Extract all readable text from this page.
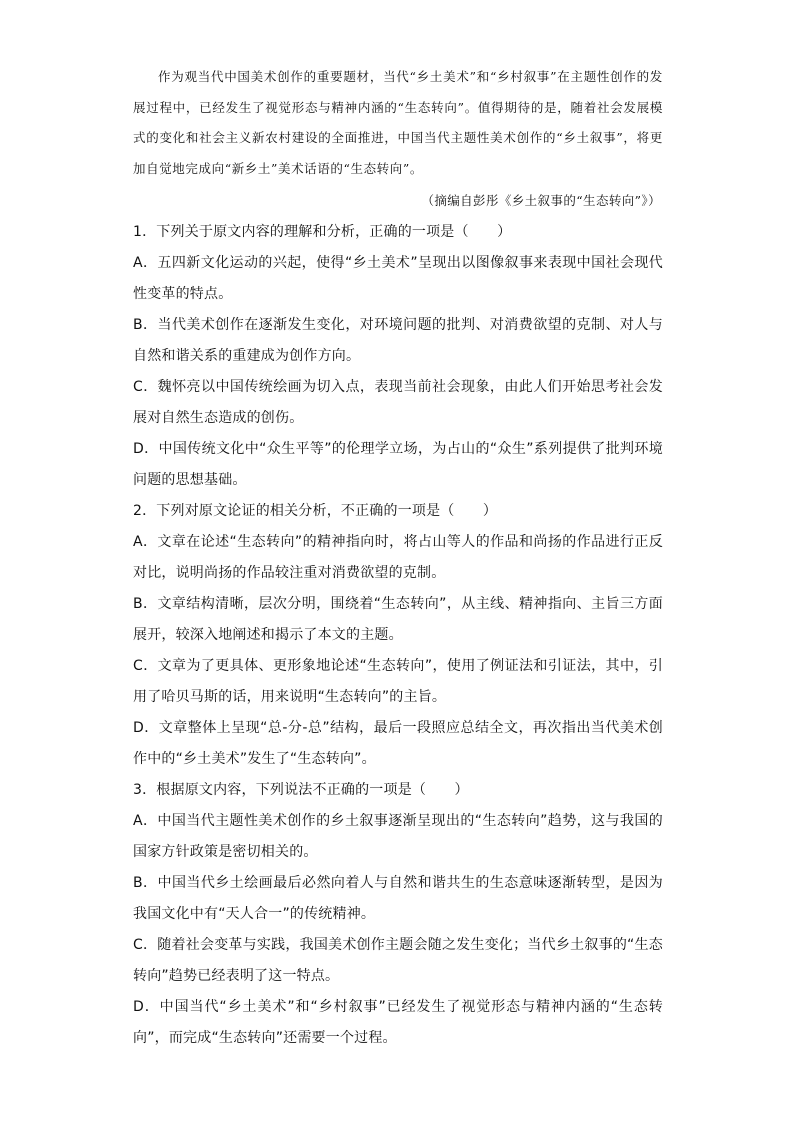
作为观当代中国美术创作的重要题材，当代“乡土美术”和“乡村叙事”在主题性创作的发展过程中，已经发生了视觉形态与精神内涵的“生态转向”。值得期待的是，随着社会发展模式的变化和社会主义新农村建设的全面推进，中国当代主题性美术创作的“乡土叙事”，将更加自觉地完成向“新乡土”美术话语的“生态转向”。

（摘编自彭彤《乡土叙事的“生态转向”》）

1．下列关于原文内容的理解和分析，正确的一项是（　　）

A．五四新文化运动的兴起，使得“乡土美术”呈现出以图像叙事来表现中国社会现代性变革的特点。

B．当代美术创作在逐渐发生变化，对环境问题的批判、对消费欲望的克制、对人与自然和谐关系的重建成为创作方向。

C．魏怀亮以中国传统绘画为切入点，表现当前社会现象，由此人们开始思考社会发展对自然生态造成的创伤。

D．中国传统文化中“众生平等”的伦理学立场，为占山的“众生”系列提供了批判环境问题的思想基础。

2．下列对原文论证的相关分析，不正确的一项是（　　）

A．文章在论述“生态转向”的精神指向时，将占山等人的作品和尚扬的作品进行正反对比，说明尚扬的作品较注重对消费欲望的克制。

B．文章结构清晰，层次分明，围绕着“生态转向”，从主线、精神指向、主旨三方面展开，较深入地阐述和揭示了本文的主题。

C．文章为了更具体、更形象地论述“生态转向”，使用了例证法和引证法，其中，引用了哈贝马斯的话，用来说明“生态转向”的主旨。

D．文章整体上呈现“总-分-总”结构，最后一段照应总结全文，再次指出当代美术创作中的“乡土美术”发生了“生态转向”。

3．根据原文内容，下列说法不正确的一项是（　　）

A．中国当代主题性美术创作的乡土叙事逐渐呈现出的“生态转向”趋势，这与我国的国家方针政策是密切相关的。

B．中国当代乡土绘画最后必然向着人与自然和谐共生的生态意味逐渐转型，是因为我国文化中有“天人合一”的传统精神。

C．随着社会变革与实践，我国美术创作主题会随之发生变化；当代乡土叙事的“生态转向”趋势已经表明了这一特点。

D．中国当代“乡土美术”和“乡村叙事”已经发生了视觉形态与精神内涵的“生态转向”，而完成“生态转向”还需要一个过程。
